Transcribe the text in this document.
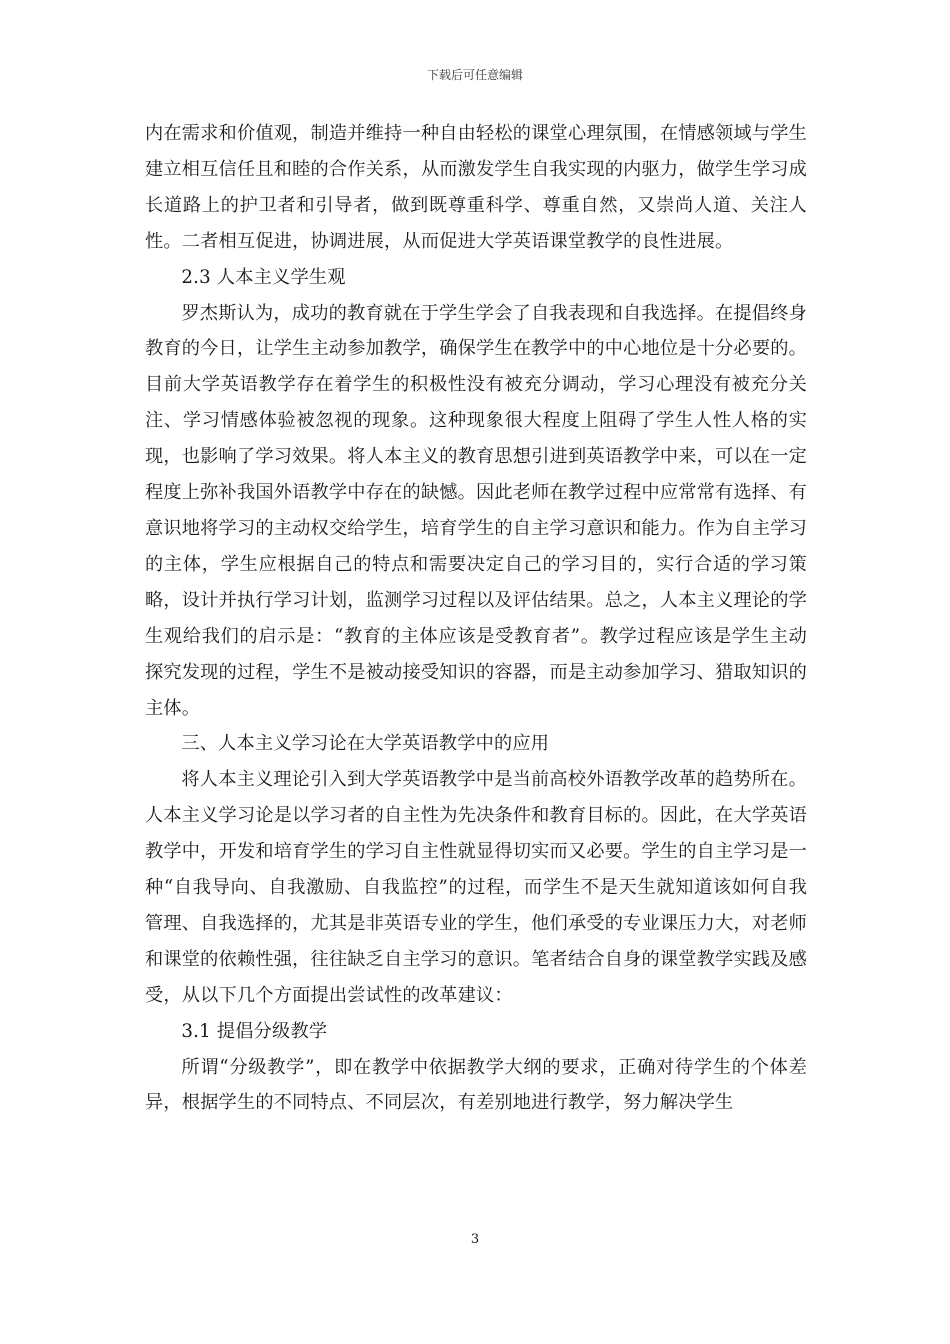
下载后可任意编辑

内在需求和价值观，制造并维持一种自由轻松的课堂心理氛围，在情感领域与学生建立相互信任且和睦的合作关系，从而激发学生自我实现的内驱力，做学生学习成长道路上的护卫者和引导者，做到既尊重科学、尊重自然，又崇尚人道、关注人性。二者相互促进，协调进展，从而促进大学英语课堂教学的良性进展。

2.3 人本主义学生观

罗杰斯认为，成功的教育就在于学生学会了自我表现和自我选择。在提倡终身教育的今日，让学生主动参加教学，确保学生在教学中的中心地位是十分必要的。目前大学英语教学存在着学生的积极性没有被充分调动，学习心理没有被充分关注、学习情感体验被忽视的现象。这种现象很大程度上阻碍了学生人性人格的实现，也影响了学习效果。将人本主义的教育思想引进到英语教学中来，可以在一定程度上弥补我国外语教学中存在的缺憾。因此老师在教学过程中应常常有选择、有意识地将学习的主动权交给学生，培育学生的自主学习意识和能力。作为自主学习的主体，学生应根据自己的特点和需要决定自己的学习目的，实行合适的学习策略，设计并执行学习计划，监测学习过程以及评估结果。总之，人本主义理论的学生观给我们的启示是：“教育的主体应该是受教育者”。教学过程应该是学生主动探究发现的过程，学生不是被动接受知识的容器，而是主动参加学习、猎取知识的主体。

三、人本主义学习论在大学英语教学中的应用

将人本主义理论引入到大学英语教学中是当前高校外语教学改革的趋势所在。人本主义学习论是以学习者的自主性为先决条件和教育目标的。因此，在大学英语教学中，开发和培育学生的学习自主性就显得切实而又必要。学生的自主学习是一种“自我导向、自我激励、自我监控”的过程，而学生不是天生就知道该如何自我管理、自我选择的，尤其是非英语专业的学生，他们承受的专业课压力大，对老师和课堂的依赖性强，往往缺乏自主学习的意识。笔者结合自身的课堂教学实践及感受，从以下几个方面提出尝试性的改革建议：

3.1 提倡分级教学

所谓“分级教学”，即在教学中依据教学大纲的要求，正确对待学生的个体差异，根据学生的不同特点、不同层次，有差别地进行教学，努力解决学生

3
